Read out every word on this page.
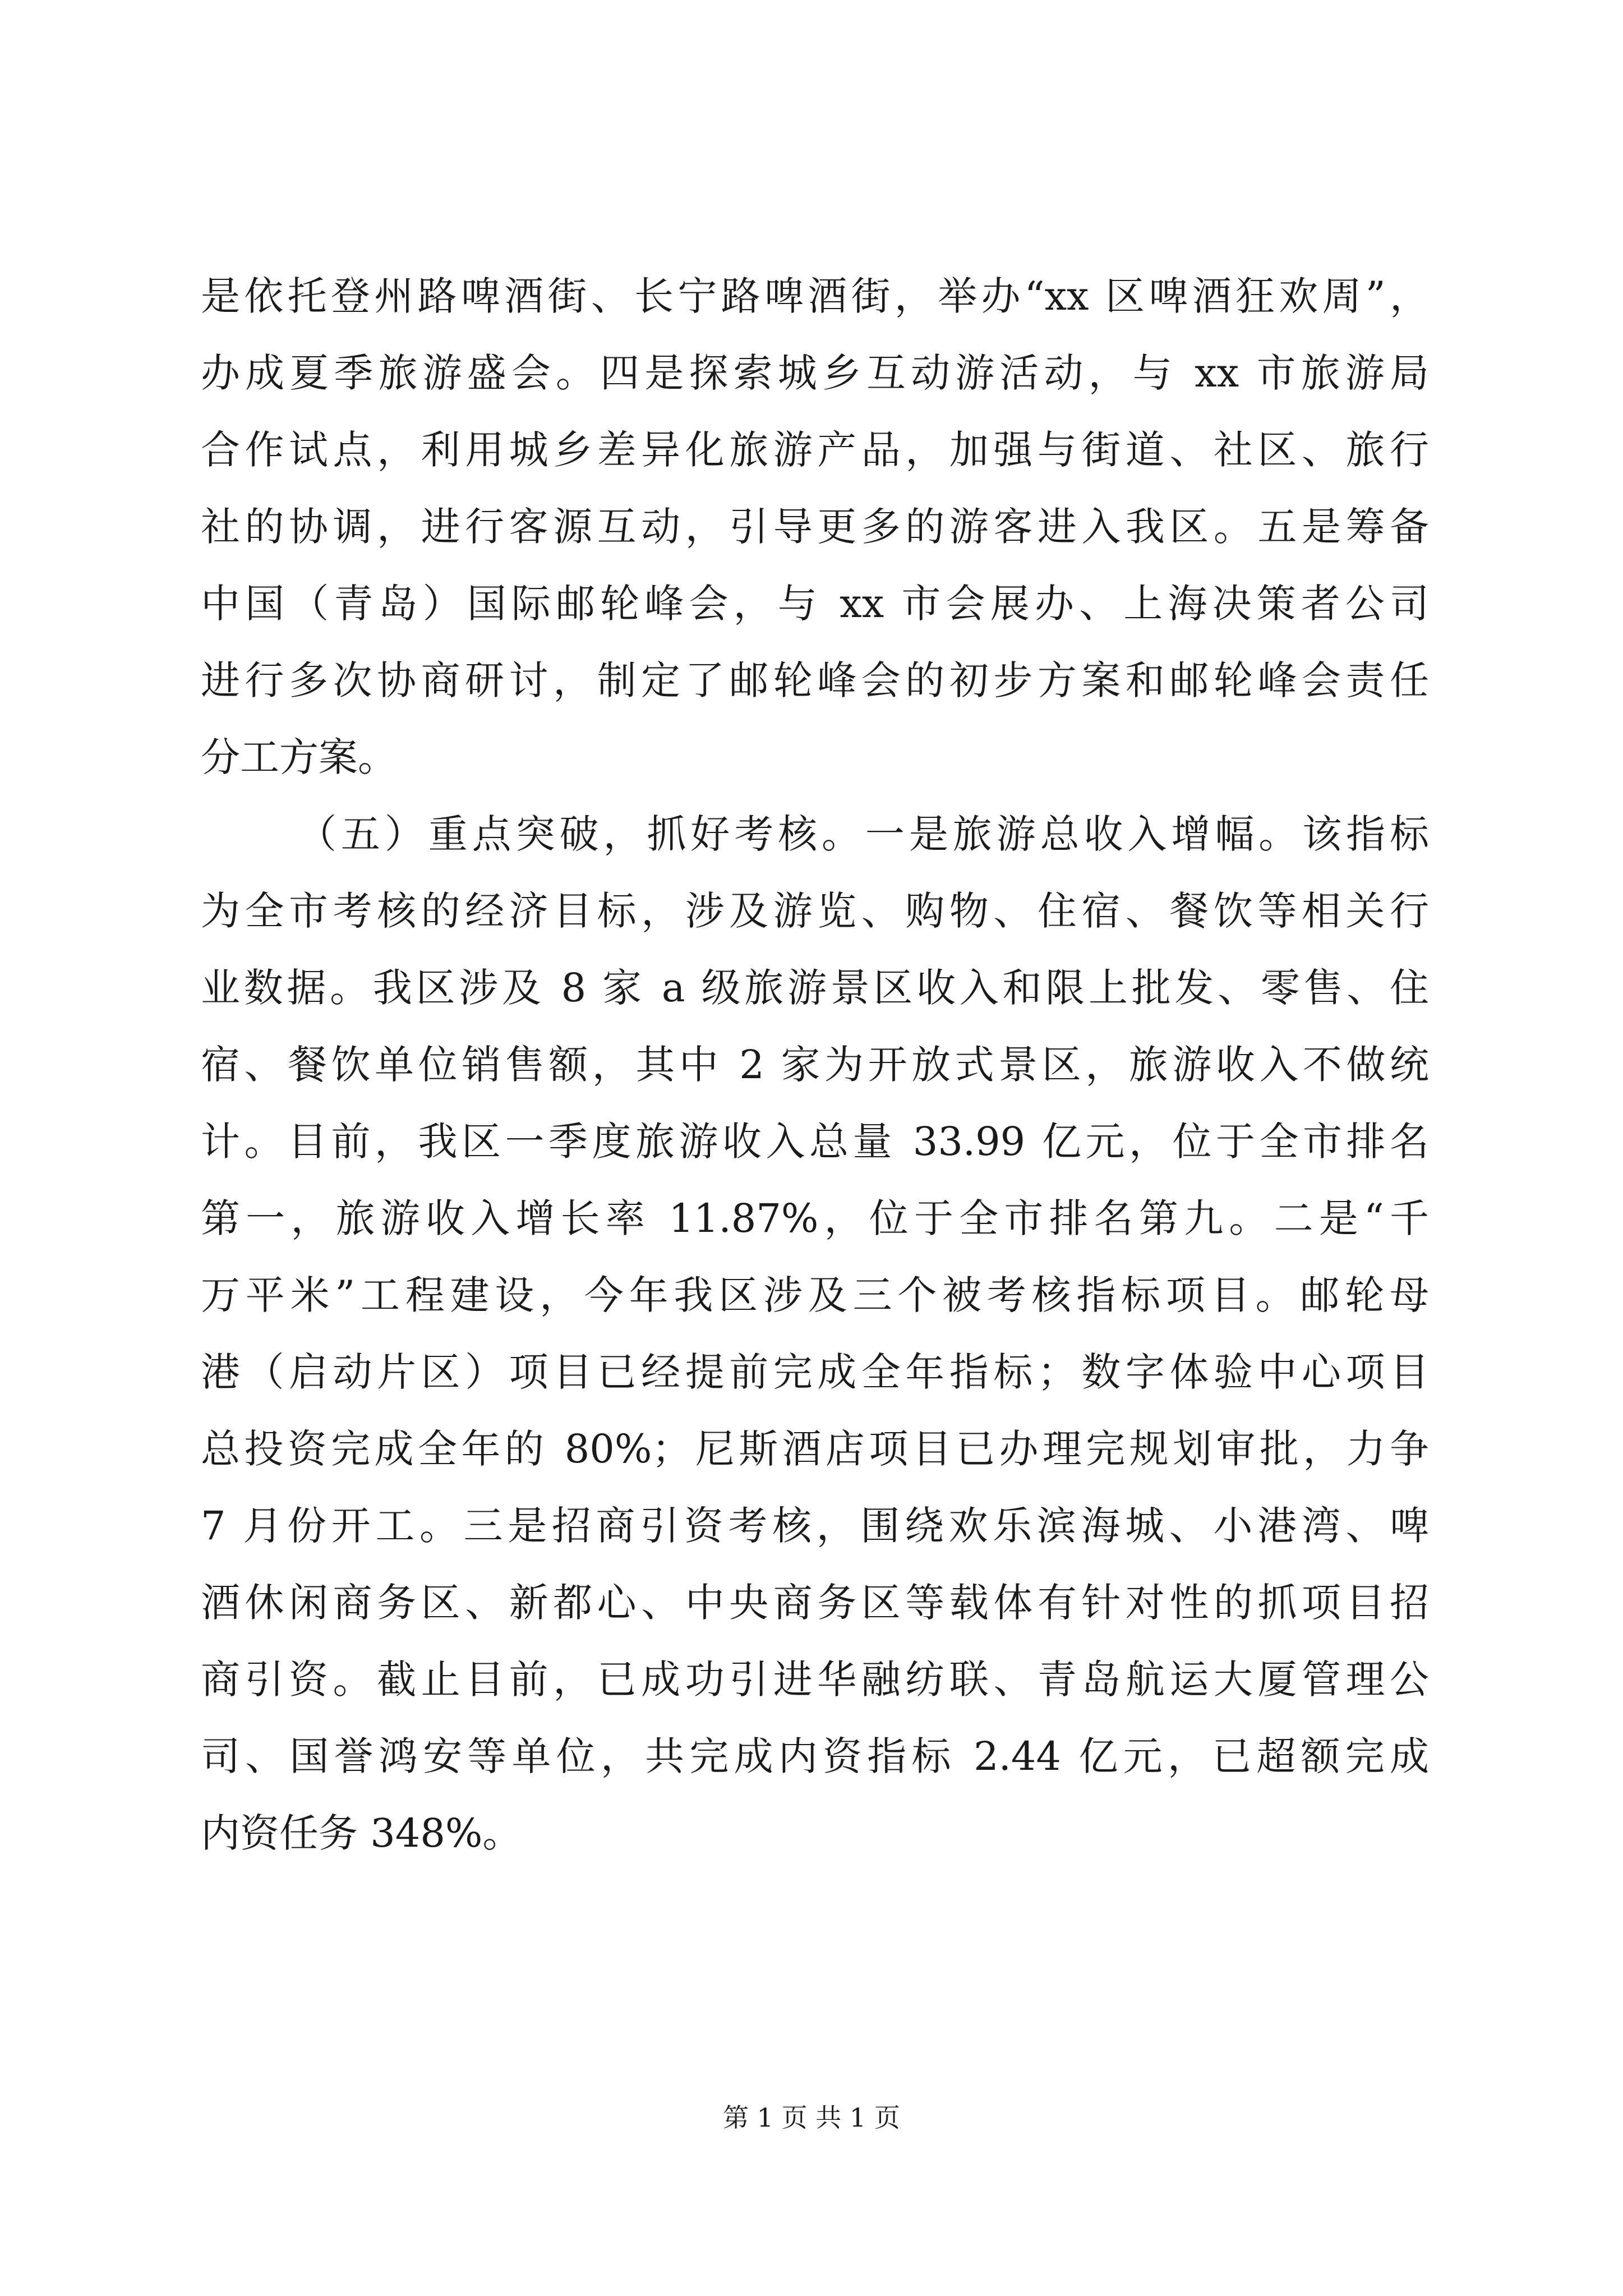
是依托登州路啤酒街、长宁路啤酒街，举办“xx 区啤酒狂欢周”，
办成夏季旅游盛会。四是探索城乡互动游活动，与 xx 市旅游局
合作试点，利用城乡差异化旅游产品，加强与街道、社区、旅行
社的协调，进行客源互动，引导更多的游客进入我区。五是筹备
中国（青岛）国际邮轮峰会，与 xx 市会展办、上海决策者公司
进行多次协商研讨，制定了邮轮峰会的初步方案和邮轮峰会责任
分工方案。
（五）重点突破，抓好考核。一是旅游总收入增幅。该指标
为全市考核的经济目标，涉及游览、购物、住宿、餐饮等相关行
业数据。我区涉及 8 家 a 级旅游景区收入和限上批发、零售、住
宿、餐饮单位销售额，其中 2 家为开放式景区，旅游收入不做统
计。目前，我区一季度旅游收入总量 33.99 亿元，位于全市排名
第一，旅游收入增长率 11.87%，位于全市排名第九。二是“千
万平米”工程建设，今年我区涉及三个被考核指标项目。邮轮母
港（启动片区）项目已经提前完成全年指标；数字体验中心项目
总投资完成全年的 80%；尼斯酒店项目已办理完规划审批，力争
7 月份开工。三是招商引资考核，围绕欢乐滨海城、小港湾、啤
酒休闲商务区、新都心、中央商务区等载体有针对性的抓项目招
商引资。截止目前，已成功引进华融纺联、青岛航运大厦管理公
司、国誉鸿安等单位，共完成内资指标 2.44 亿元，已超额完成
内资任务 348%。
第 1 页 共 1 页
